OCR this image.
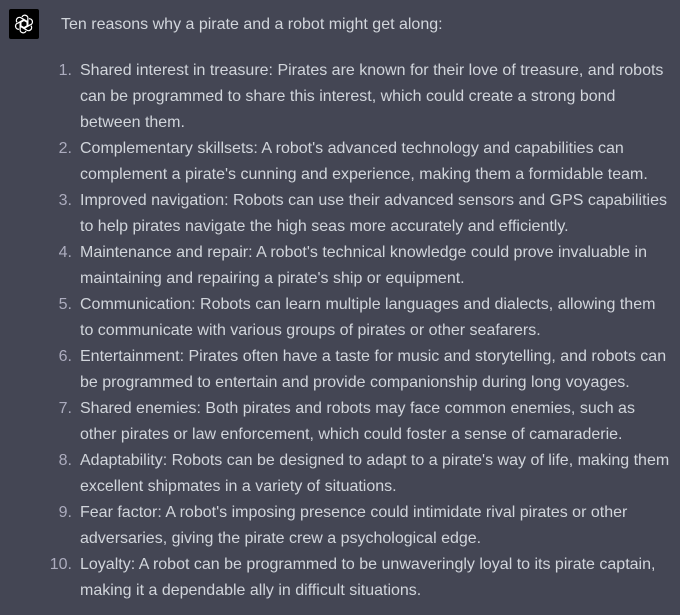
Ten reasons why a pirate and a robot might get along:

1. Shared interest in treasure: Pirates are known for their love of treasure, and robots can be programmed to share this interest, which could create a strong bond between them.
2. Complementary skillsets: A robot's advanced technology and capabilities can complement a pirate's cunning and experience, making them a formidable team.
3. Improved navigation: Robots can use their advanced sensors and GPS capabilities to help pirates navigate the high seas more accurately and efficiently.
4. Maintenance and repair: A robot's technical knowledge could prove invaluable in maintaining and repairing a pirate's ship or equipment.
5. Communication: Robots can learn multiple languages and dialects, allowing them to communicate with various groups of pirates or other seafarers.
6. Entertainment: Pirates often have a taste for music and storytelling, and robots can be programmed to entertain and provide companionship during long voyages.
7. Shared enemies: Both pirates and robots may face common enemies, such as other pirates or law enforcement, which could foster a sense of camaraderie.
8. Adaptability: Robots can be designed to adapt to a pirate's way of life, making them excellent shipmates in a variety of situations.
9. Fear factor: A robot's imposing presence could intimidate rival pirates or other adversaries, giving the pirate crew a psychological edge.
10. Loyalty: A robot can be programmed to be unwaveringly loyal to its pirate captain, making it a dependable ally in difficult situations.
